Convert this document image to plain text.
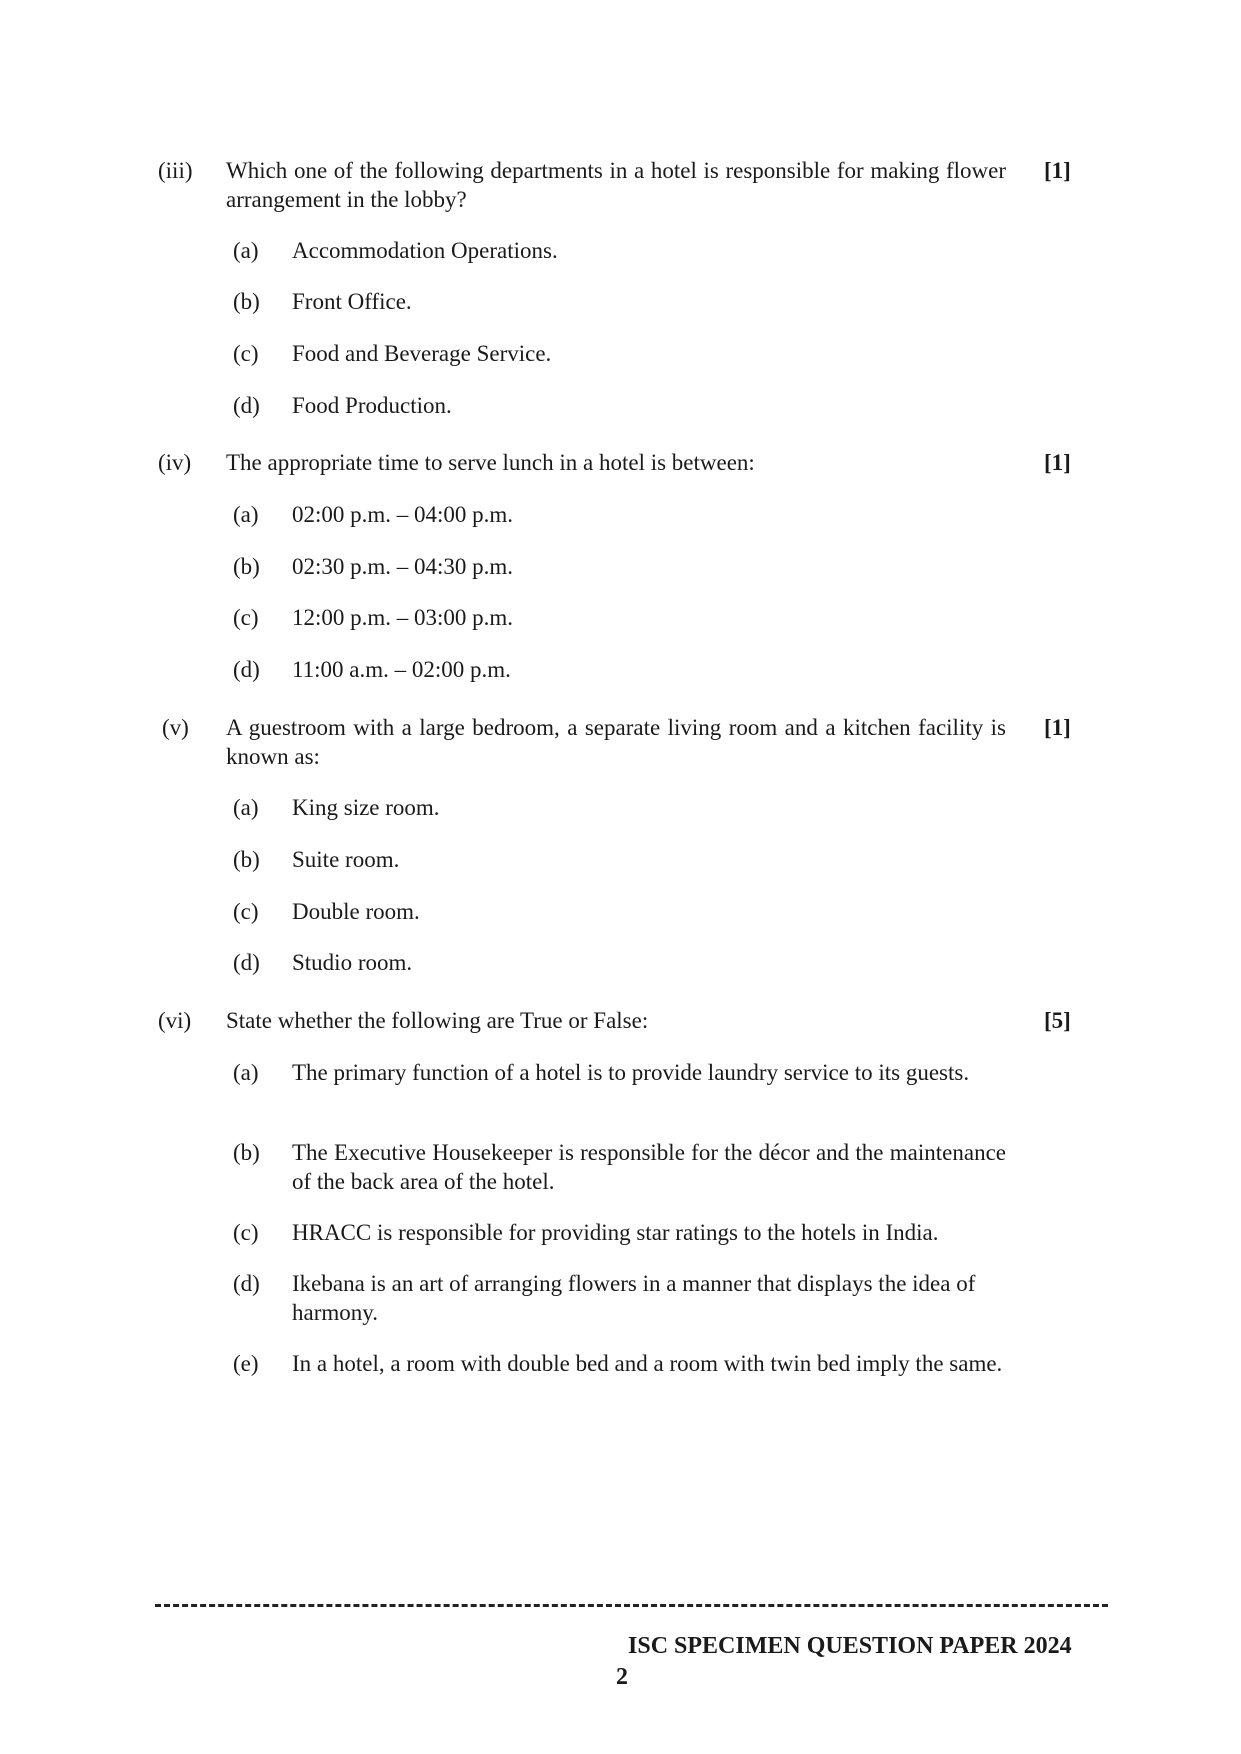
(iii) Which one of the following departments in a hotel is responsible for making flower arrangement in the lobby?
[1]
(a) Accommodation Operations.
(b) Front Office.
(c) Food and Beverage Service.
(d) Food Production.
(iv) The appropriate time to serve lunch in a hotel is between:	[1]
(a) 02:00 p.m. – 04:00 p.m.
(b) 02:30 p.m. – 04:30 p.m.
(c) 12:00 p.m. – 03:00 p.m.
(d) 11:00 a.m. – 02:00 p.m.
(v) A guestroom with a large bedroom, a separate living room and a kitchen facility is known as:
[1]
(a) King size room.
(b) Suite room.
(c) Double room.
(d) Studio room.
(vi) State whether the following are True or False:	[5]
(a) The primary function of a hotel is to provide laundry service to its guests.
(b) The Executive Housekeeper is responsible for the décor and the maintenance of the back area of the hotel.
(c) HRACC is responsible for providing star ratings to the hotels in India.
(d) Ikebana is an art of arranging flowers in a manner that displays the idea of harmony.
(e) In a hotel, a room with double bed and a room with twin bed imply the same.
ISC SPECIMEN QUESTION PAPER 2024
2
